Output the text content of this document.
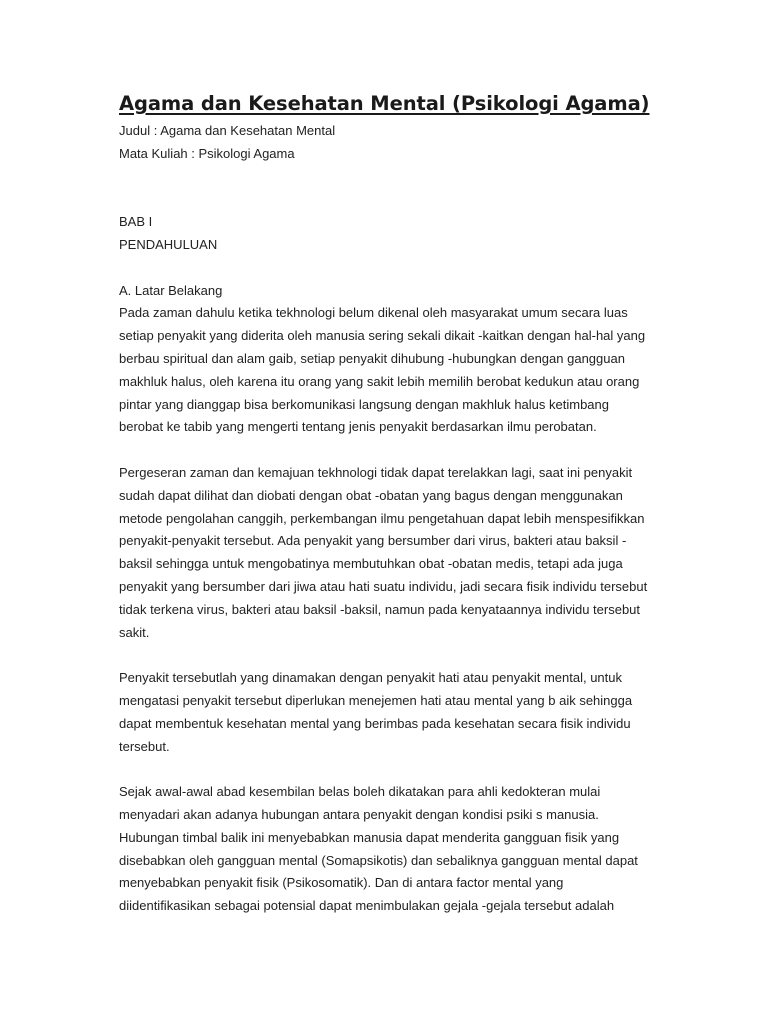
Agama dan Kesehatan Mental (Psikologi Agama)
Judul : Agama dan Kesehatan Mental
Mata Kuliah : Psikologi Agama
BAB I
PENDAHULUAN
A. Latar Belakang
Pada zaman dahulu ketika tekhnologi belum dikenal oleh masyarakat umum secara luas
setiap penyakit yang diderita oleh manusia sering sekali dikait -kaitkan dengan hal-hal yang
berbau spiritual dan alam gaib, setiap penyakit dihubung -hubungkan dengan gangguan
makhluk halus, oleh karena itu orang yang sakit lebih memilih berobat kedukun atau orang
pintar yang dianggap bisa berkomunikasi langsung dengan makhluk halus ketimbang
berobat ke tabib yang mengerti tentang jenis penyakit berdasarkan ilmu perobatan.
Pergeseran zaman dan kemajuan tekhnologi tidak dapat terelakkan lagi, saat ini penyakit
sudah dapat dilihat dan diobati dengan obat -obatan yang bagus dengan menggunakan
metode pengolahan canggih, perkembangan ilmu pengetahuan dapat lebih menspesifikkan
penyakit-penyakit tersebut. Ada penyakit yang bersumber dari virus, bakteri atau baksil -
baksil sehingga untuk mengobatinya membutuhkan obat -obatan medis, tetapi ada juga
penyakit yang bersumber dari jiwa atau hati suatu individu, jadi secara fisik individu tersebut
tidak terkena virus, bakteri atau baksil -baksil, namun pada kenyataannya individu tersebut
sakit.
Penyakit tersebutlah yang dinamakan dengan penyakit hati atau penyakit mental, untuk
mengatasi penyakit tersebut diperlukan menejemen hati atau mental yang b aik sehingga
dapat membentuk kesehatan mental yang berimbas pada kesehatan secara fisik individu
tersebut.
Sejak awal-awal abad kesembilan belas boleh dikatakan para ahli kedokteran mulai
menyadari akan adanya hubungan antara penyakit dengan kondisi psiki s manusia.
Hubungan timbal balik ini menyebabkan manusia dapat menderita gangguan fisik yang
disebabkan oleh gangguan mental (Somapsikotis) dan sebaliknya gangguan mental dapat
menyebabkan penyakit fisik (Psikosomatik). Dan di antara factor mental yang
diidentifikasikan sebagai potensial dapat menimbulakan gejala -gejala tersebut adalah
